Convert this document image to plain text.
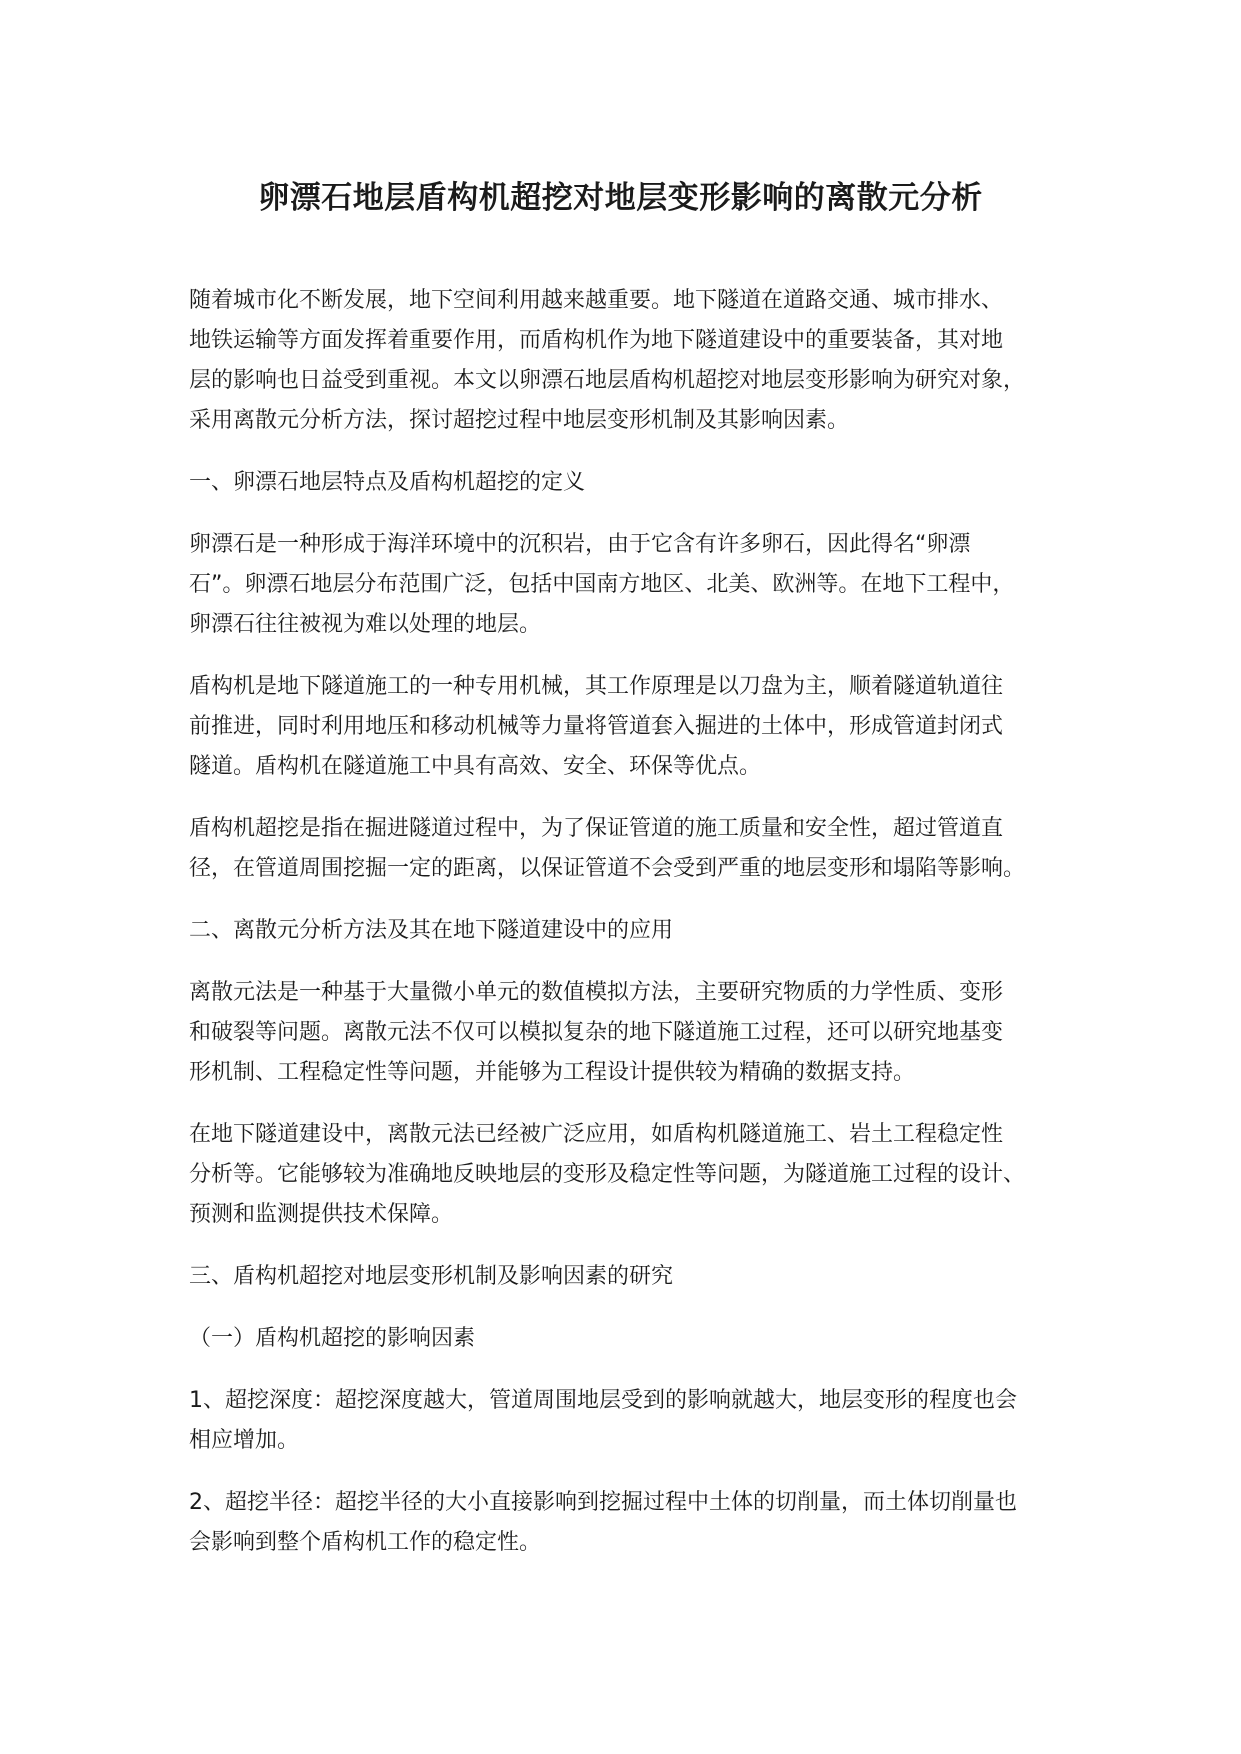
卵漂石地层盾构机超挖对地层变形影响的离散元分析

随着城市化不断发展，地下空间利用越来越重要。地下隧道在道路交通、城市排水、
地铁运输等方面发挥着重要作用，而盾构机作为地下隧道建设中的重要装备，其对地
层的影响也日益受到重视。本文以卵漂石地层盾构机超挖对地层变形影响为研究对象，
采用离散元分析方法，探讨超挖过程中地层变形机制及其影响因素。

一、卵漂石地层特点及盾构机超挖的定义

卵漂石是一种形成于海洋环境中的沉积岩，由于它含有许多卵石，因此得名“卵漂
石”。卵漂石地层分布范围广泛，包括中国南方地区、北美、欧洲等。在地下工程中，
卵漂石往往被视为难以处理的地层。

盾构机是地下隧道施工的一种专用机械，其工作原理是以刀盘为主，顺着隧道轨道往
前推进，同时利用地压和移动机械等力量将管道套入掘进的土体中，形成管道封闭式
隧道。盾构机在隧道施工中具有高效、安全、环保等优点。

盾构机超挖是指在掘进隧道过程中，为了保证管道的施工质量和安全性，超过管道直
径，在管道周围挖掘一定的距离，以保证管道不会受到严重的地层变形和塌陷等影响。

二、离散元分析方法及其在地下隧道建设中的应用

离散元法是一种基于大量微小单元的数值模拟方法，主要研究物质的力学性质、变形
和破裂等问题。离散元法不仅可以模拟复杂的地下隧道施工过程，还可以研究地基变
形机制、工程稳定性等问题，并能够为工程设计提供较为精确的数据支持。

在地下隧道建设中，离散元法已经被广泛应用，如盾构机隧道施工、岩土工程稳定性
分析等。它能够较为准确地反映地层的变形及稳定性等问题，为隧道施工过程的设计、
预测和监测提供技术保障。

三、盾构机超挖对地层变形机制及影响因素的研究

（一）盾构机超挖的影响因素

1、超挖深度：超挖深度越大，管道周围地层受到的影响就越大，地层变形的程度也会
相应增加。

2、超挖半径：超挖半径的大小直接影响到挖掘过程中土体的切削量，而土体切削量也
会影响到整个盾构机工作的稳定性。
